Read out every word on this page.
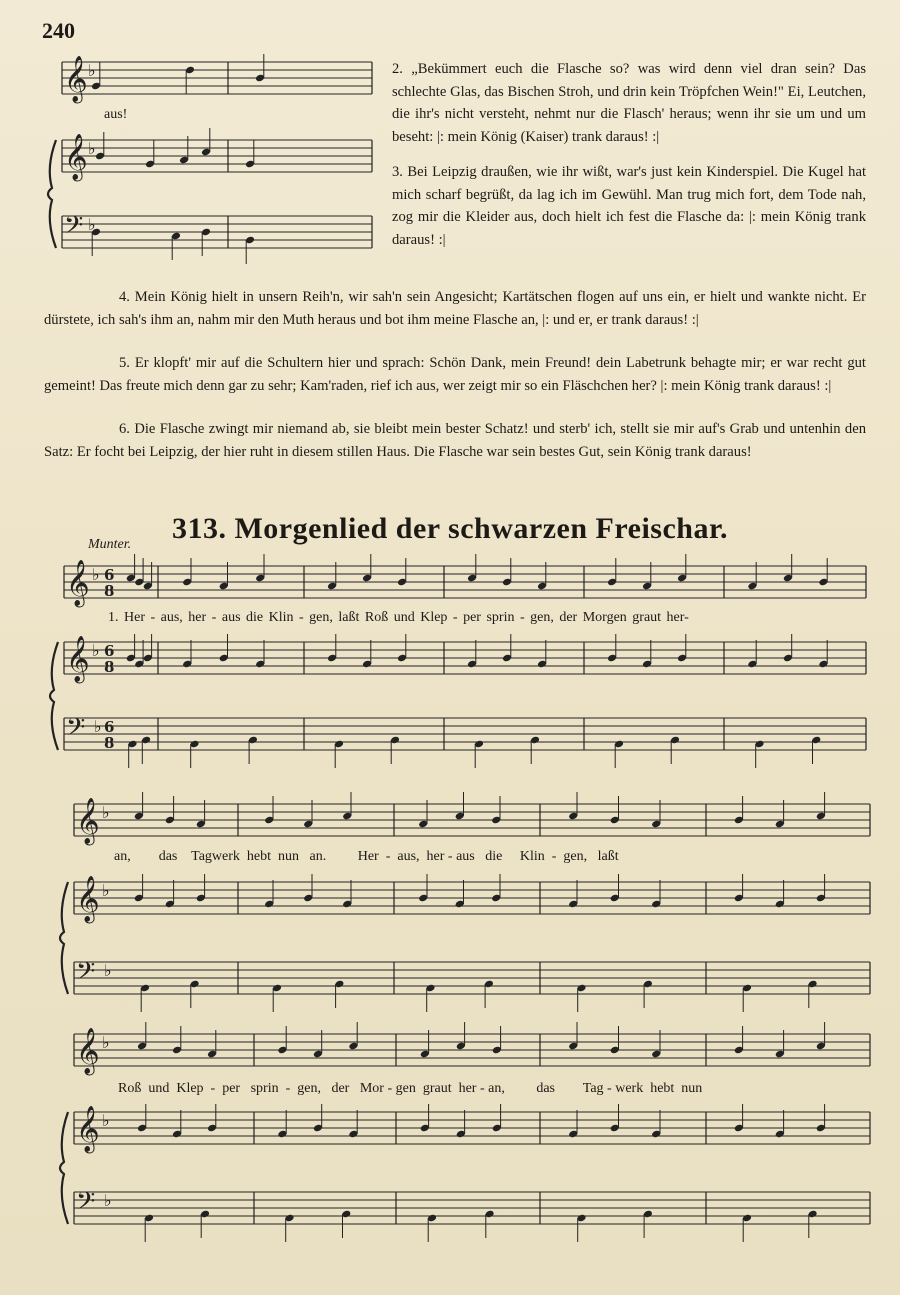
240
2. „Bekümmert euch die Flasche so? was wird denn viel dran sein? Das schlechte Glas, das Bischen Stroh, und drin kein Tröpfchen Wein!" Ei, Leutchen, die ihr's nicht versteht, nehmt nur die Flasch' heraus; wenn ihr sie um und um beseht: |: mein König (Kaiser) trank daraus! :|
3. Bei Leipzig draußen, wie ihr wißt, war's just kein Kinderspiel. Die Kugel hat mich scharf begrüßt, da lag ich im Gewühl. Man trug mich fort, dem Tode nah, zog mir die Kleider aus, doch hielt ich fest die Flasche da: |: mein König trank daraus! :|
4. Mein König hielt in unsern Reih'n, wir sah'n sein Angesicht; Kartätschen flogen auf uns ein, er hielt und wankte nicht. Er dürstete, ich sah's ihm an, nahm mir den Muth heraus und bot ihm meine Flasche an, |: und er, er trank daraus! :|
5. Er klopft' mir auf die Schultern hier und sprach: Schön Dank, mein Freund! dein Labetrunk behagte mir; er war recht gut gemeint! Das freute mich denn gar zu sehr; Kam'raden, rief ich aus, wer zeigt mir so ein Fläschchen her? |: mein König trank daraus! :|
6. Die Flasche zwingt mir niemand ab, sie bleibt mein bester Schatz! und sterb' ich, stellt sie mir auf's Grab und untenhin den Satz: Er focht bei Leipzig, der hier ruht in diesem stillen Haus. Die Flasche war sein bestes Gut, sein König trank daraus!
313. Morgenlied der schwarzen Freischar.
Munter.
aus!
1. Her - aus, her - aus die Klin - gen, laßt Roß und Klep - per sprin - gen, der Morgen graut her-
an,        das    Tagwerk  hebt  nun   an.         Her  -  aus,  her - aus   die     Klin  -  gen,   laßt
Roß  und  Klep  -  per   sprin  -  gen,   der   Mor - gen  graut  her - an,         das        Tag - werk  hebt  nun
𝄞 ♭
𝄞 ♭
𝄢 ♭
𝄞 ♭ 6
8
𝄞 ♭ 6
8
𝄢 ♭ 6
8
𝄞 ♭
𝄞 ♭
𝄢 ♭
𝄞 ♭
𝄞 ♭
𝄢 ♭
